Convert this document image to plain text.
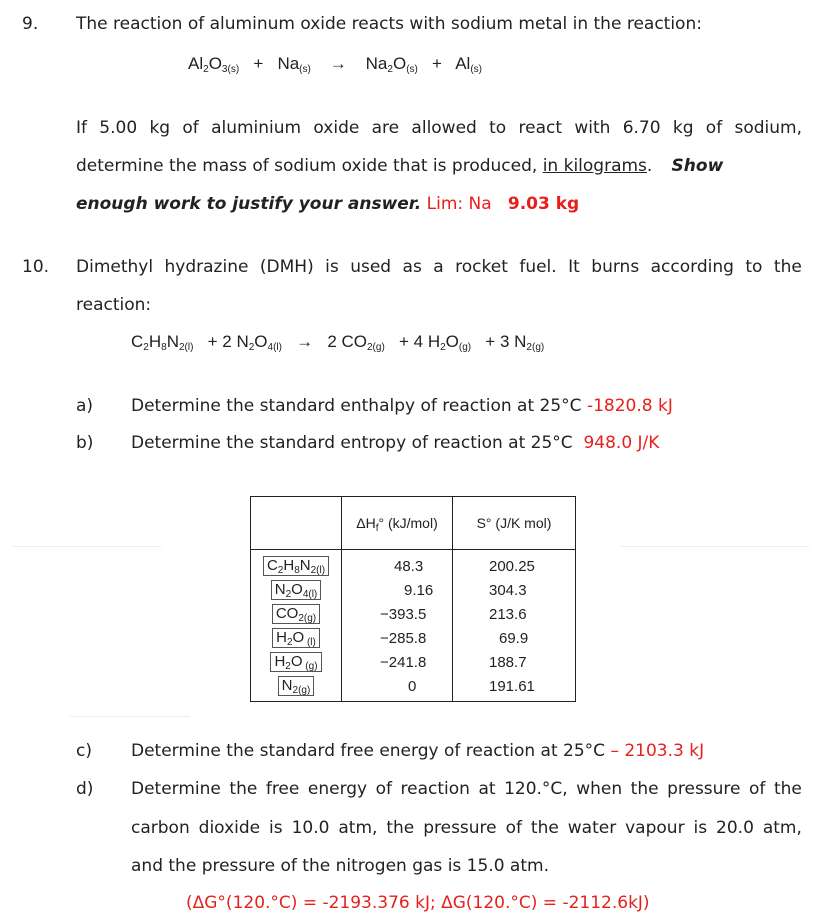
9. The reaction of aluminum oxide reacts with sodium metal in the reaction:
$Al_2O_{3(s)} + Na_{(s)} \to Na_2O_{(s)} + Al_{(s)}$
If 5.00 kg of aluminium oxide are allowed to react with 6.70 kg of sodium,
determine the mass of sodium oxide that is produced, in kilograms. Show
enough work to justify your answer. Lim: Na 9.03 kg
10. Dimethyl hydrazine (DMH) is used as a rocket fuel. It burns according to the
reaction:
$C_2H_8N_{2(l)} + 2$ $N_2O_{4(l)} \to 2$ $CO_{2(g)} + 4$ $H_2O_{(g)} + 3$ $N_{2(g)}$
a) Determine the standard enthalpy of reaction at 25°C -1820.8 kJ
b) Determine the standard entropy of reaction at 25°C 948.0 J/K
	$\Delta H_f^\circ$ (kJ/mol)	S° (J/K mol)
$C_2H_8N_{2(l)}$	48.3	200.25
$N_2O_{4(l)}$	9.16	304.3
$CO_{2(g)}$	−393.5	213.6
$H_2O$ $_{(l)}$	−285.8	69.9
$H_2O$ $_{(g)}$	−241.8	188.7
$N_{2(g)}$	0	191.61
c) Determine the standard free energy of reaction at 25°C – 2103.3 kJ
d) Determine the free energy of reaction at 120.°C, when the pressure of the
carbon dioxide is 10.0 atm, the pressure of the water vapour is 20.0 atm,
and the pressure of the nitrogen gas is 15.0 atm.
(ΔG°(120.°C) = -2193.376 kJ; ΔG(120.°C) = -2112.6kJ)
